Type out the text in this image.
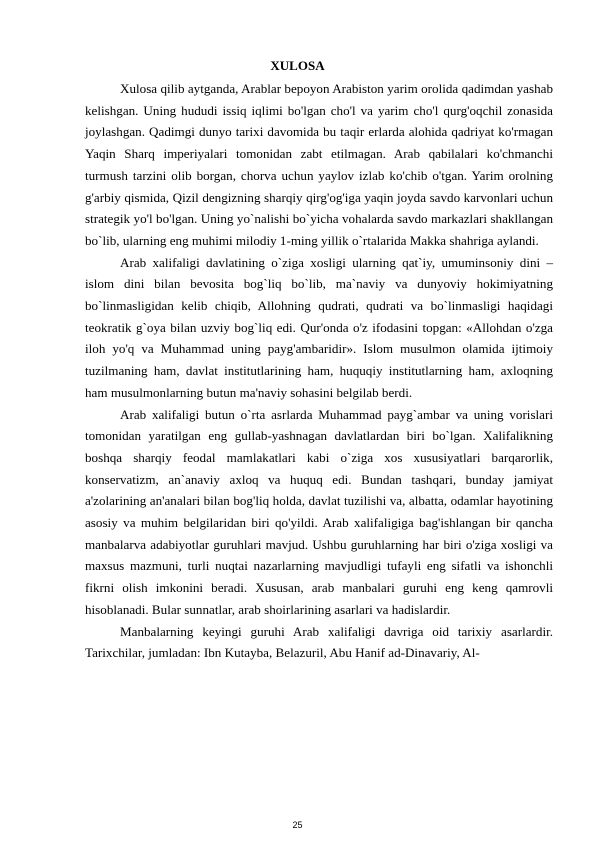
XULOSA

Xulosa qilib aytganda, Arablar bepoyon Arabiston yarim orolida qadimdan yashab kelishgan. Uning hududi issiq iqlimi bo'lgan cho'l va yarim cho'l qurg'oqchil zonasida joylashgan. Qadimgi dunyo tarixi davomida bu taqir erlarda alohida qadriyat ko'rmagan Yaqin Sharq imperiyalari tomonidan zabt etilmagan. Arab qabilalari ko'chmanchi turmush tarzini olib borgan, chorva uchun yaylov izlab ko'chib o'tgan. Yarim orolning g'arbiy qismida, Qizil dengizning sharqiy qirg'og'iga yaqin joyda savdo karvonlari uchun strategik yo'l bo'lgan. Uning yo`nalishi bo`yicha vohalarda savdo markazlari shakllangan bo`lib, ularning eng muhimi milodiy 1-ming yillik o`rtalarida Makka shahriga aylandi.

Arab xalifaligi davlatining o`ziga xosligi ularning qat`iy, umuminsoniy dini – islom dini bilan bevosita bog`liq bo`lib, ma`naviy va dunyoviy hokimiyatning bo`linmasligidan kelib chiqib, Allohning qudrati, qudrati va bo`linmasligi haqidagi teokratik g`oya bilan uzviy bog`liq edi. Qur'onda o'z ifodasini topgan: «Allohdan o'zga iloh yo'q va Muhammad uning payg'ambaridir». Islom musulmon olamida ijtimoiy tuzilmaning ham, davlat institutlarining ham, huquqiy institutlarning ham, axloqning ham musulmonlarning butun ma'naviy sohasini belgilab berdi.

Arab xalifaligi butun o`rta asrlarda Muhammad payg`ambar va uning vorislari tomonidan yaratilgan eng gullab-yashnagan davlatlardan biri bo`lgan. Xalifalikning boshqa sharqiy feodal mamlakatlari kabi o`ziga xos xususiyatlari barqarorlik, konservatizm, an`anaviy axloq va huquq edi. Bundan tashqari, bunday jamiyat a'zolarining an'analari bilan bog'liq holda, davlat tuzilishi va, albatta, odamlar hayotining asosiy va muhim belgilaridan biri qo'yildi. Arab xalifaligiga bag'ishlangan bir qancha manbalarva adabiyotlar guruhlari mavjud. Ushbu guruhlarning har biri o'ziga xosligi va maxsus mazmuni, turli nuqtai nazarlarning mavjudligi tufayli eng sifatli va ishonchli fikrni olish imkonini beradi. Xususan, arab manbalari guruhi eng keng qamrovli hisoblanadi. Bular sunnatlar, arab shoirlarining asarlari va hadislardir.

Manbalarning keyingi guruhi Arab xalifaligi davriga oid tarixiy asarlardir. Tarixchilar, jumladan: Ibn Kutayba, Belazuril, Abu Hanif ad-Dinavariy, Al-

25
